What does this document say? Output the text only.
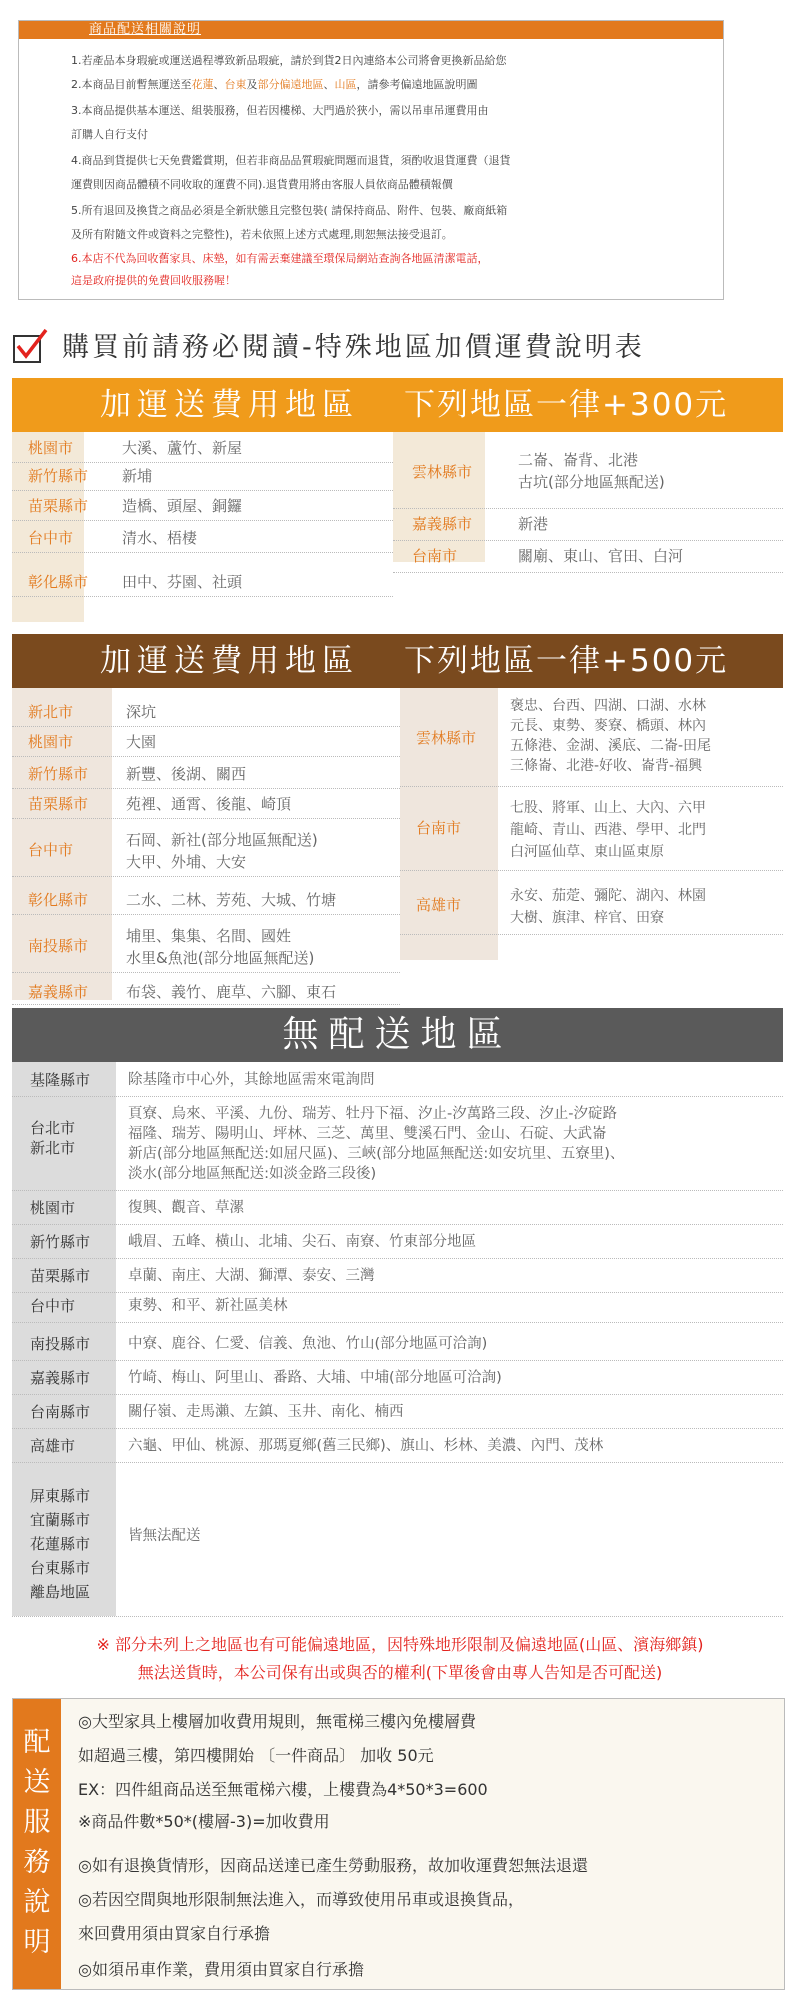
商品配送相關說明
1.若產品本身瑕疵或運送過程導致新品瑕疵，請於到貨2日內連絡本公司將會更換新品給您
2.本商品目前暫無運送至花蓮、台東及部分偏遠地區、山區，請參考偏遠地區說明圖
3.本商品提供基本運送、組裝服務，但若因樓梯、大門過於狹小，需以吊車吊運費用由
訂購人自行支付
4.商品到貨提供七天免費鑑賞期，但若非商品品質瑕疵問題而退貨，須酌收退貨運費（退貨
運費則因商品體積不同收取的運費不同).退貨費用將由客服人員依商品體積報價
5.所有退回及換貨之商品必須是全新狀態且完整包裝( 請保持商品、附件、包裝、廠商紙箱
及所有附隨文件或資料之完整性)，若未依照上述方式處理,則恕無法接受退訂。
6.本店不代為回收舊家具、床墊，如有需丟棄建議至環保局網站查詢各地區清潔電話，
這是政府提供的免費回收服務喔！
購買前請務必閱讀-特殊地區加價運費說明表
加運送費用地區 下列地區一律+300元
加運送費用地區 下列地區一律+500元
無配送地區
※ 部分未列上之地區也有可能偏遠地區，因特殊地形限制及偏遠地區(山區、濱海鄉鎮)
無法送貨時，本公司保有出或與否的權利(下單後會由專人告知是否可配送)
配
送
服
務
說
明
◎大型家具上樓層加收費用規則，無電梯三樓內免樓層費
如超過三樓，第四樓開始 〔一件商品〕 加收 50元
EX：四件組商品送至無電梯六樓，上樓費為4*50*3=600
※商品件數*50*(樓層-3)=加收費用
◎如有退換貨情形，因商品送達已產生勞動服務，故加收運費恕無法退還
◎若因空間與地形限制無法進入，而導致使用吊車或退換貨品，
來回費用須由買家自行承擔
◎如須吊車作業，費用須由買家自行承擔
桃園市	大溪、蘆竹、新屋
新竹縣市 新埔
苗栗縣市 造橋、頭屋、銅鑼
台中市	清水、梧棲
彰化縣市 田中、芬園、社頭
雲林縣市
二崙、崙背、北港
古坑(部分地區無配送)
嘉義縣市	新港
台南市	關廟、東山、官田、白河
新北市	深坑
桃園市	大園
新竹縣市	新豐、後湖、關西
苗栗縣市	苑裡、通霄、後龍、崎頂
台中市
石岡、新社(部分地區無配送)
大甲、外埔、大安
彰化縣市	二水、二林、芳苑、大城、竹塘
南投縣市
埔里、集集、名間、國姓
水里&魚池(部分地區無配送)
嘉義縣市	布袋、義竹、鹿草、六腳、東石
雲林縣市
褒忠、台西、四湖、口湖、水林
元長、東勢、麥寮、橋頭、林內
五條港、金湖、溪底、二崙-田尾
三條崙、北港-好收、崙背-福興
台南市
七股、將軍、山上、大內、六甲
龍崎、青山、西港、學甲、北門
白河區仙草、東山區東原
高雄市	永安、茄萣、彌陀、湖內、林園
大樹、旗津、梓官、田寮
基隆縣市	除基隆市中心外，其餘地區需來電詢問
台北市
新北市
頁寮、烏來、平溪、九份、瑞芳、牡丹下福、汐止-汐萬路三段、汐止-汐碇路
福隆、瑞芳、陽明山、坪林、三芝、萬里、雙溪石門、金山、石碇、大武崙
新店(部分地區無配送:如屈尺區)、三峽(部分地區無配送:如安坑里、五寮里)、
淡水(部分地區無配送:如淡金路三段後)
桃園市	復興、觀音、草漯
新竹縣市	峨眉、五峰、橫山、北埔、尖石、南寮、竹東部分地區
苗栗縣市	卓蘭、南庄、大湖、獅潭、泰安、三灣
台中市	東勢、和平、新社區美林
南投縣市	中寮、鹿谷、仁愛、信義、魚池、竹山(部分地區可洽詢)
嘉義縣市	竹崎、梅山、阿里山、番路、大埔、中埔(部分地區可洽詢)
台南縣市	關仔嶺、走馬瀨、左鎮、玉井、南化、楠西
高雄市	六龜、甲仙、桃源、那瑪夏鄉(舊三民鄉)、旗山、杉林、美濃、內門、茂林
屏東縣市
宜蘭縣市
花蓮縣市
台東縣市
離島地區
皆無法配送
